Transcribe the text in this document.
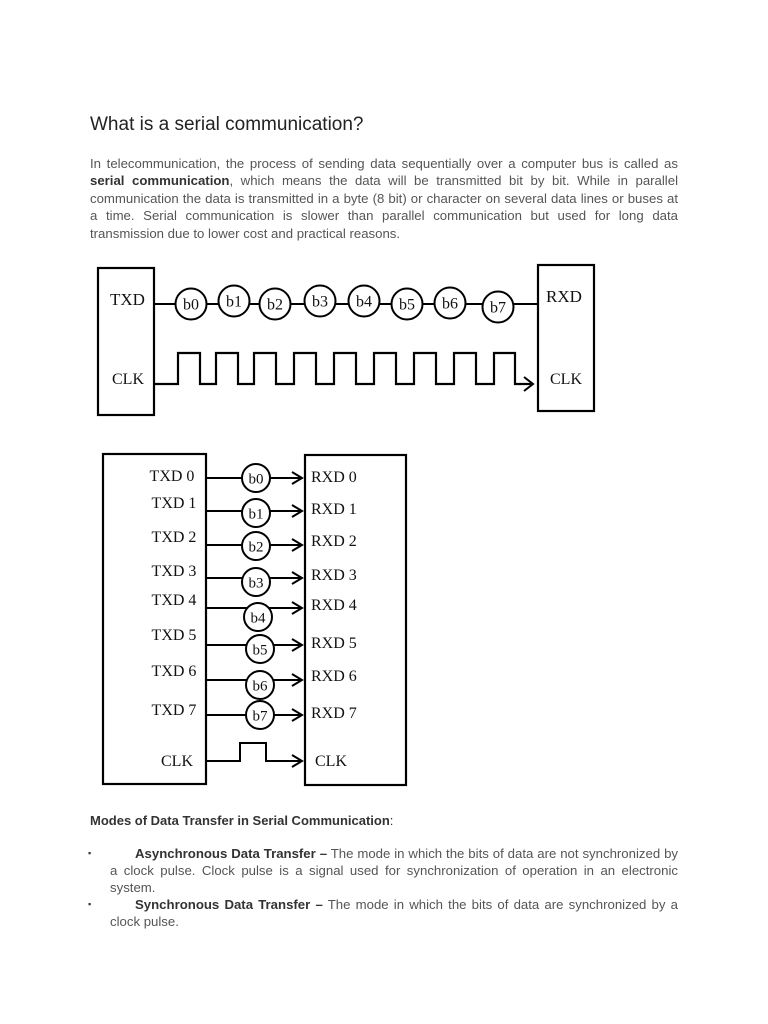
What is a serial communication?
In telecommunication, the process of sending data sequentially over a computer bus is called as serial communication, which means the data will be transmitted bit by bit. While in parallel communication the data is transmitted in a byte (8 bit) or character on several data lines or buses at a time. Serial communication is slower than parallel communication but used for long data transmission due to lower cost and practical reasons.
b0 b1 b2 b3 b4 b5 b6 b7
TXD
CLK
RXD
CLK
b0
TXD 0	RXD 0
b1
TXD 1	RXD 1
b2
TXD 2	RXD 2
b3
TXD 3	RXD 3
b4
TXD 4	RXD 4
b5
TXD 5	RXD 5
b6
TXD 6	RXD 6
b7
TXD 7	RXD 7
CLK	CLK
Modes of Data Transfer in Serial Communication:
▪	Asynchronous Data Transfer – The mode in which the bits of data are not synchronized by a clock pulse. Clock pulse is a signal used for synchronization of operation in an electronic system.
▪	Synchronous Data Transfer – The mode in which the bits of data are synchronized by a clock pulse.
